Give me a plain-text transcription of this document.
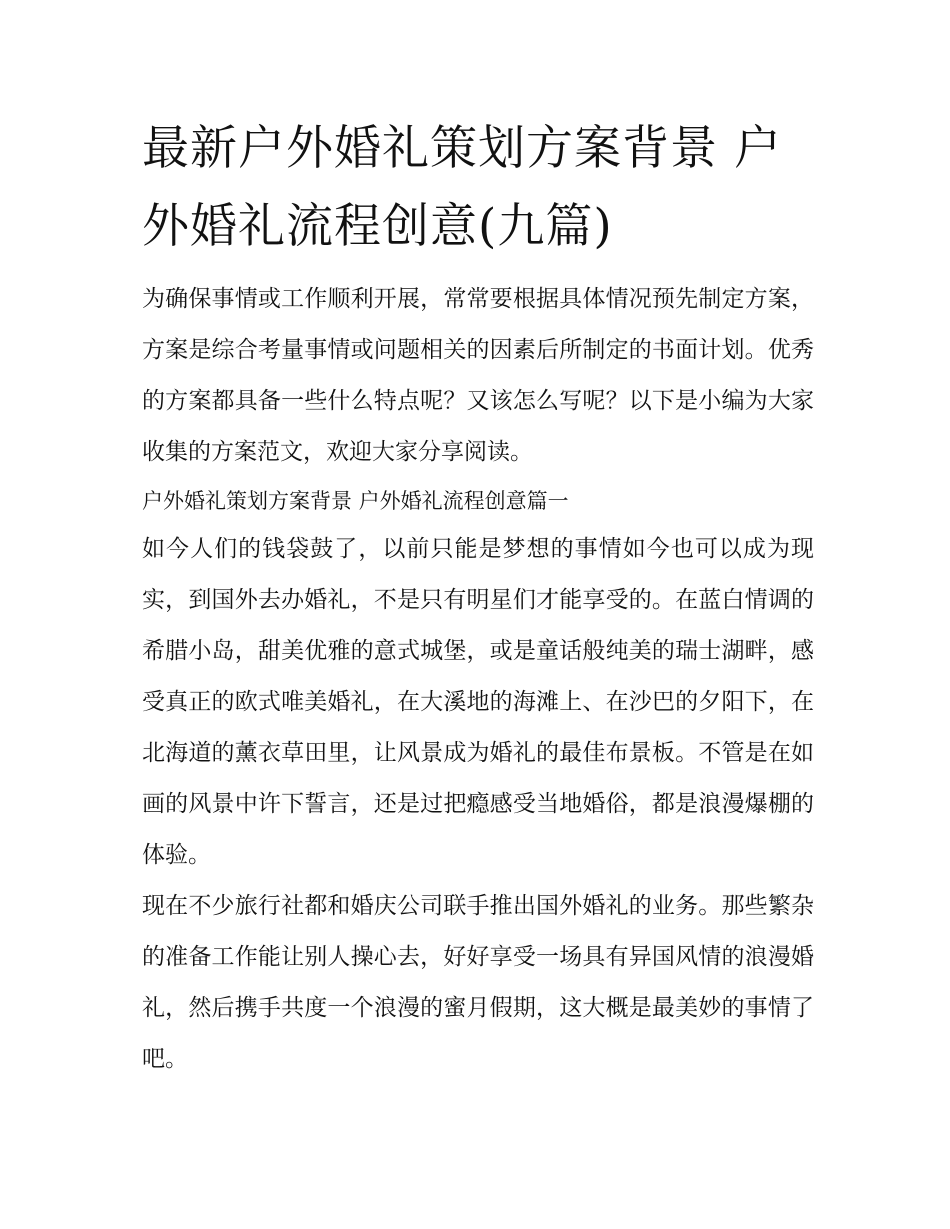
最新户外婚礼策划方案背景 户外婚礼流程创意(九篇)

为确保事情或工作顺利开展，常常要根据具体情况预先制定方案，方案是综合考量事情或问题相关的因素后所制定的书面计划。优秀的方案都具备一些什么特点呢？又该怎么写呢？以下是小编为大家收集的方案范文，欢迎大家分享阅读。

户外婚礼策划方案背景 户外婚礼流程创意篇一

如今人们的钱袋鼓了，以前只能是梦想的事情如今也可以成为现实，到国外去办婚礼，不是只有明星们才能享受的。在蓝白情调的希腊小岛，甜美优雅的意式城堡，或是童话般纯美的瑞士湖畔，感受真正的欧式唯美婚礼，在大溪地的海滩上、在沙巴的夕阳下，在北海道的薰衣草田里，让风景成为婚礼的最佳布景板。不管是在如画的风景中许下誓言，还是过把瘾感受当地婚俗，都是浪漫爆棚的体验。

现在不少旅行社都和婚庆公司联手推出国外婚礼的业务。那些繁杂的准备工作能让别人操心去，好好享受一场具有异国风情的浪漫婚礼，然后携手共度一个浪漫的蜜月假期，这大概是最美妙的事情了吧。
